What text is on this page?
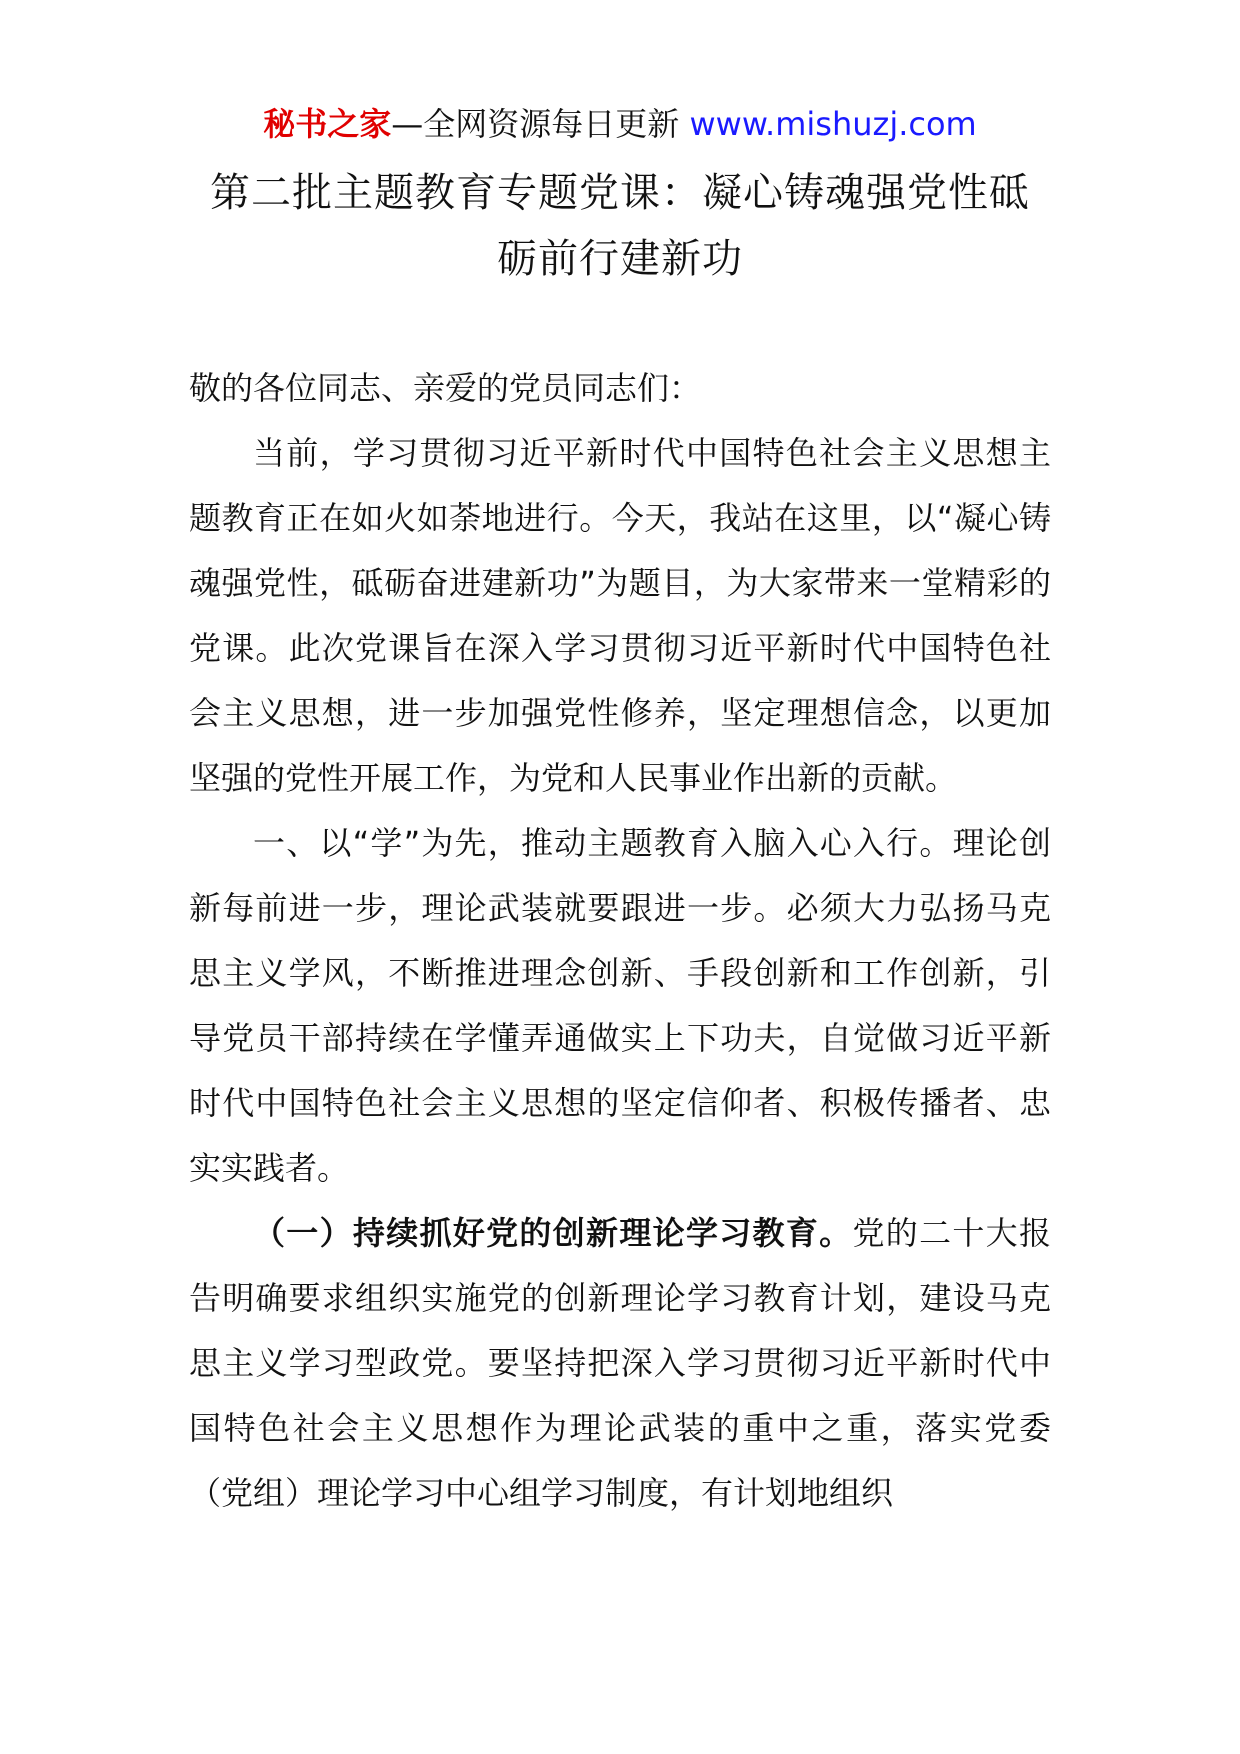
秘书之家—全网资源每日更新 www.mishuzj.com
第二批主题教育专题党课：凝心铸魂强党性砥砺前行建新功

敬的各位同志、亲爱的党员同志们：

当前，学习贯彻习近平新时代中国特色社会主义思想主题教育正在如火如荼地进行。今天，我站在这里，以“凝心铸魂强党性，砥砺奋进建新功”为题目，为大家带来一堂精彩的党课。此次党课旨在深入学习贯彻习近平新时代中国特色社会主义思想，进一步加强党性修养，坚定理想信念，以更加坚强的党性开展工作，为党和人民事业作出新的贡献。

一、以“学”为先，推动主题教育入脑入心入行。理论创新每前进一步，理论武装就要跟进一步。必须大力弘扬马克思主义学风，不断推进理念创新、手段创新和工作创新，引导党员干部持续在学懂弄通做实上下功夫，自觉做习近平新时代中国特色社会主义思想的坚定信仰者、积极传播者、忠实实践者。

（一）持续抓好党的创新理论学习教育。党的二十大报告明确要求组织实施党的创新理论学习教育计划，建设马克思主义学习型政党。要坚持把深入学习贯彻习近平新时代中国特色社会主义思想作为理论武装的重中之重，落实党委（党组）理论学习中心组学习制度，有计划地组织
